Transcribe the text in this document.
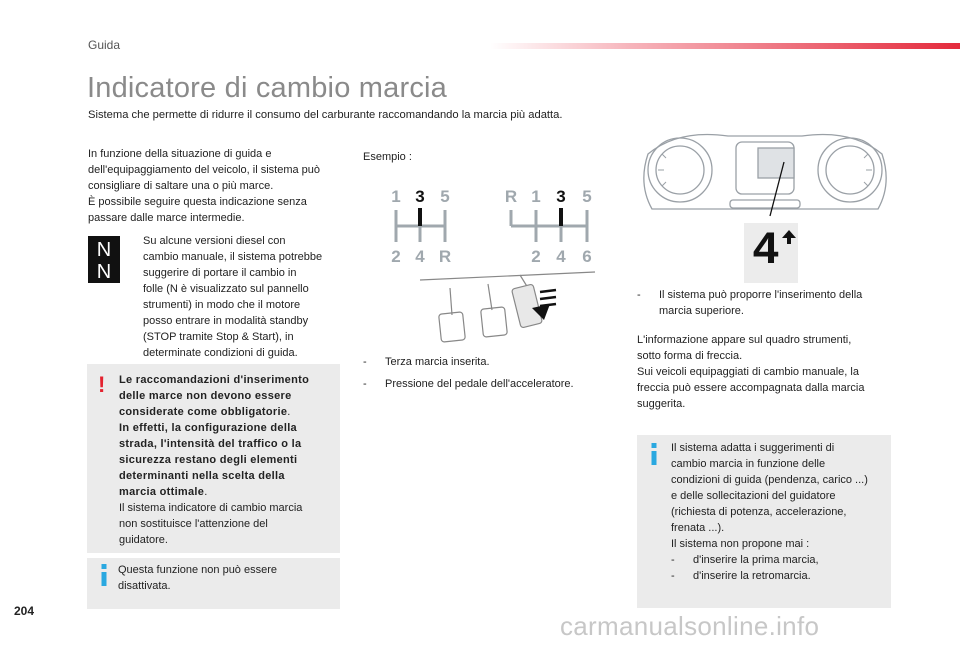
Guida
Indicatore di cambio marcia
Sistema che permette di ridurre il consumo del carburante raccomandando la marcia più adatta.
In funzione della situazione di guida e
dell'equipaggiamento del veicolo, il sistema può
consigliare di saltare una o più marce.
È possibile seguire questa indicazione senza
passare dalle marce intermedie.
N
N
Su alcune versioni diesel con
cambio manuale, il sistema potrebbe
suggerire di portare il cambio in
folle (N è visualizzato sul pannello
strumenti) in modo che il motore
posso entrare in modalità standby
(STOP tramite Stop & Start), in
determinate condizioni di guida.
! Le raccomandazioni d'inserimento
delle marce non devono essere
considerate come obbligatorie.
In effetti, la configurazione della
strada, l'intensità del traffico o la
sicurezza restano degli elementi
determinanti nella scelta della
marcia ottimale.
Il sistema indicatore di cambio marcia
non sostituisce l'attenzione del
guidatore.
Questa funzione non può essere
disattivata.
Esempio :
1 3 5
2 4 R
R 1 3 5
2 4 6
-	Terza marcia inserita.
-	Pressione del pedale dell'acceleratore.
4
-	Il sistema può proporre l'inserimento della
marcia superiore.
L'informazione appare sul quadro strumenti,
sotto forma di freccia.
Sui veicoli equipaggiati di cambio manuale, la
freccia può essere accompagnata dalla marcia
suggerita.
Il sistema adatta i suggerimenti di
cambio marcia in funzione delle
condizioni di guida (pendenza, carico ...)
e delle sollecitazioni del guidatore
(richiesta di potenza, accelerazione,
frenata ...).
Il sistema non propone mai :
-	d'inserire la prima marcia,
-	d'inserire la retromarcia.
204	carmanualsonline.info
